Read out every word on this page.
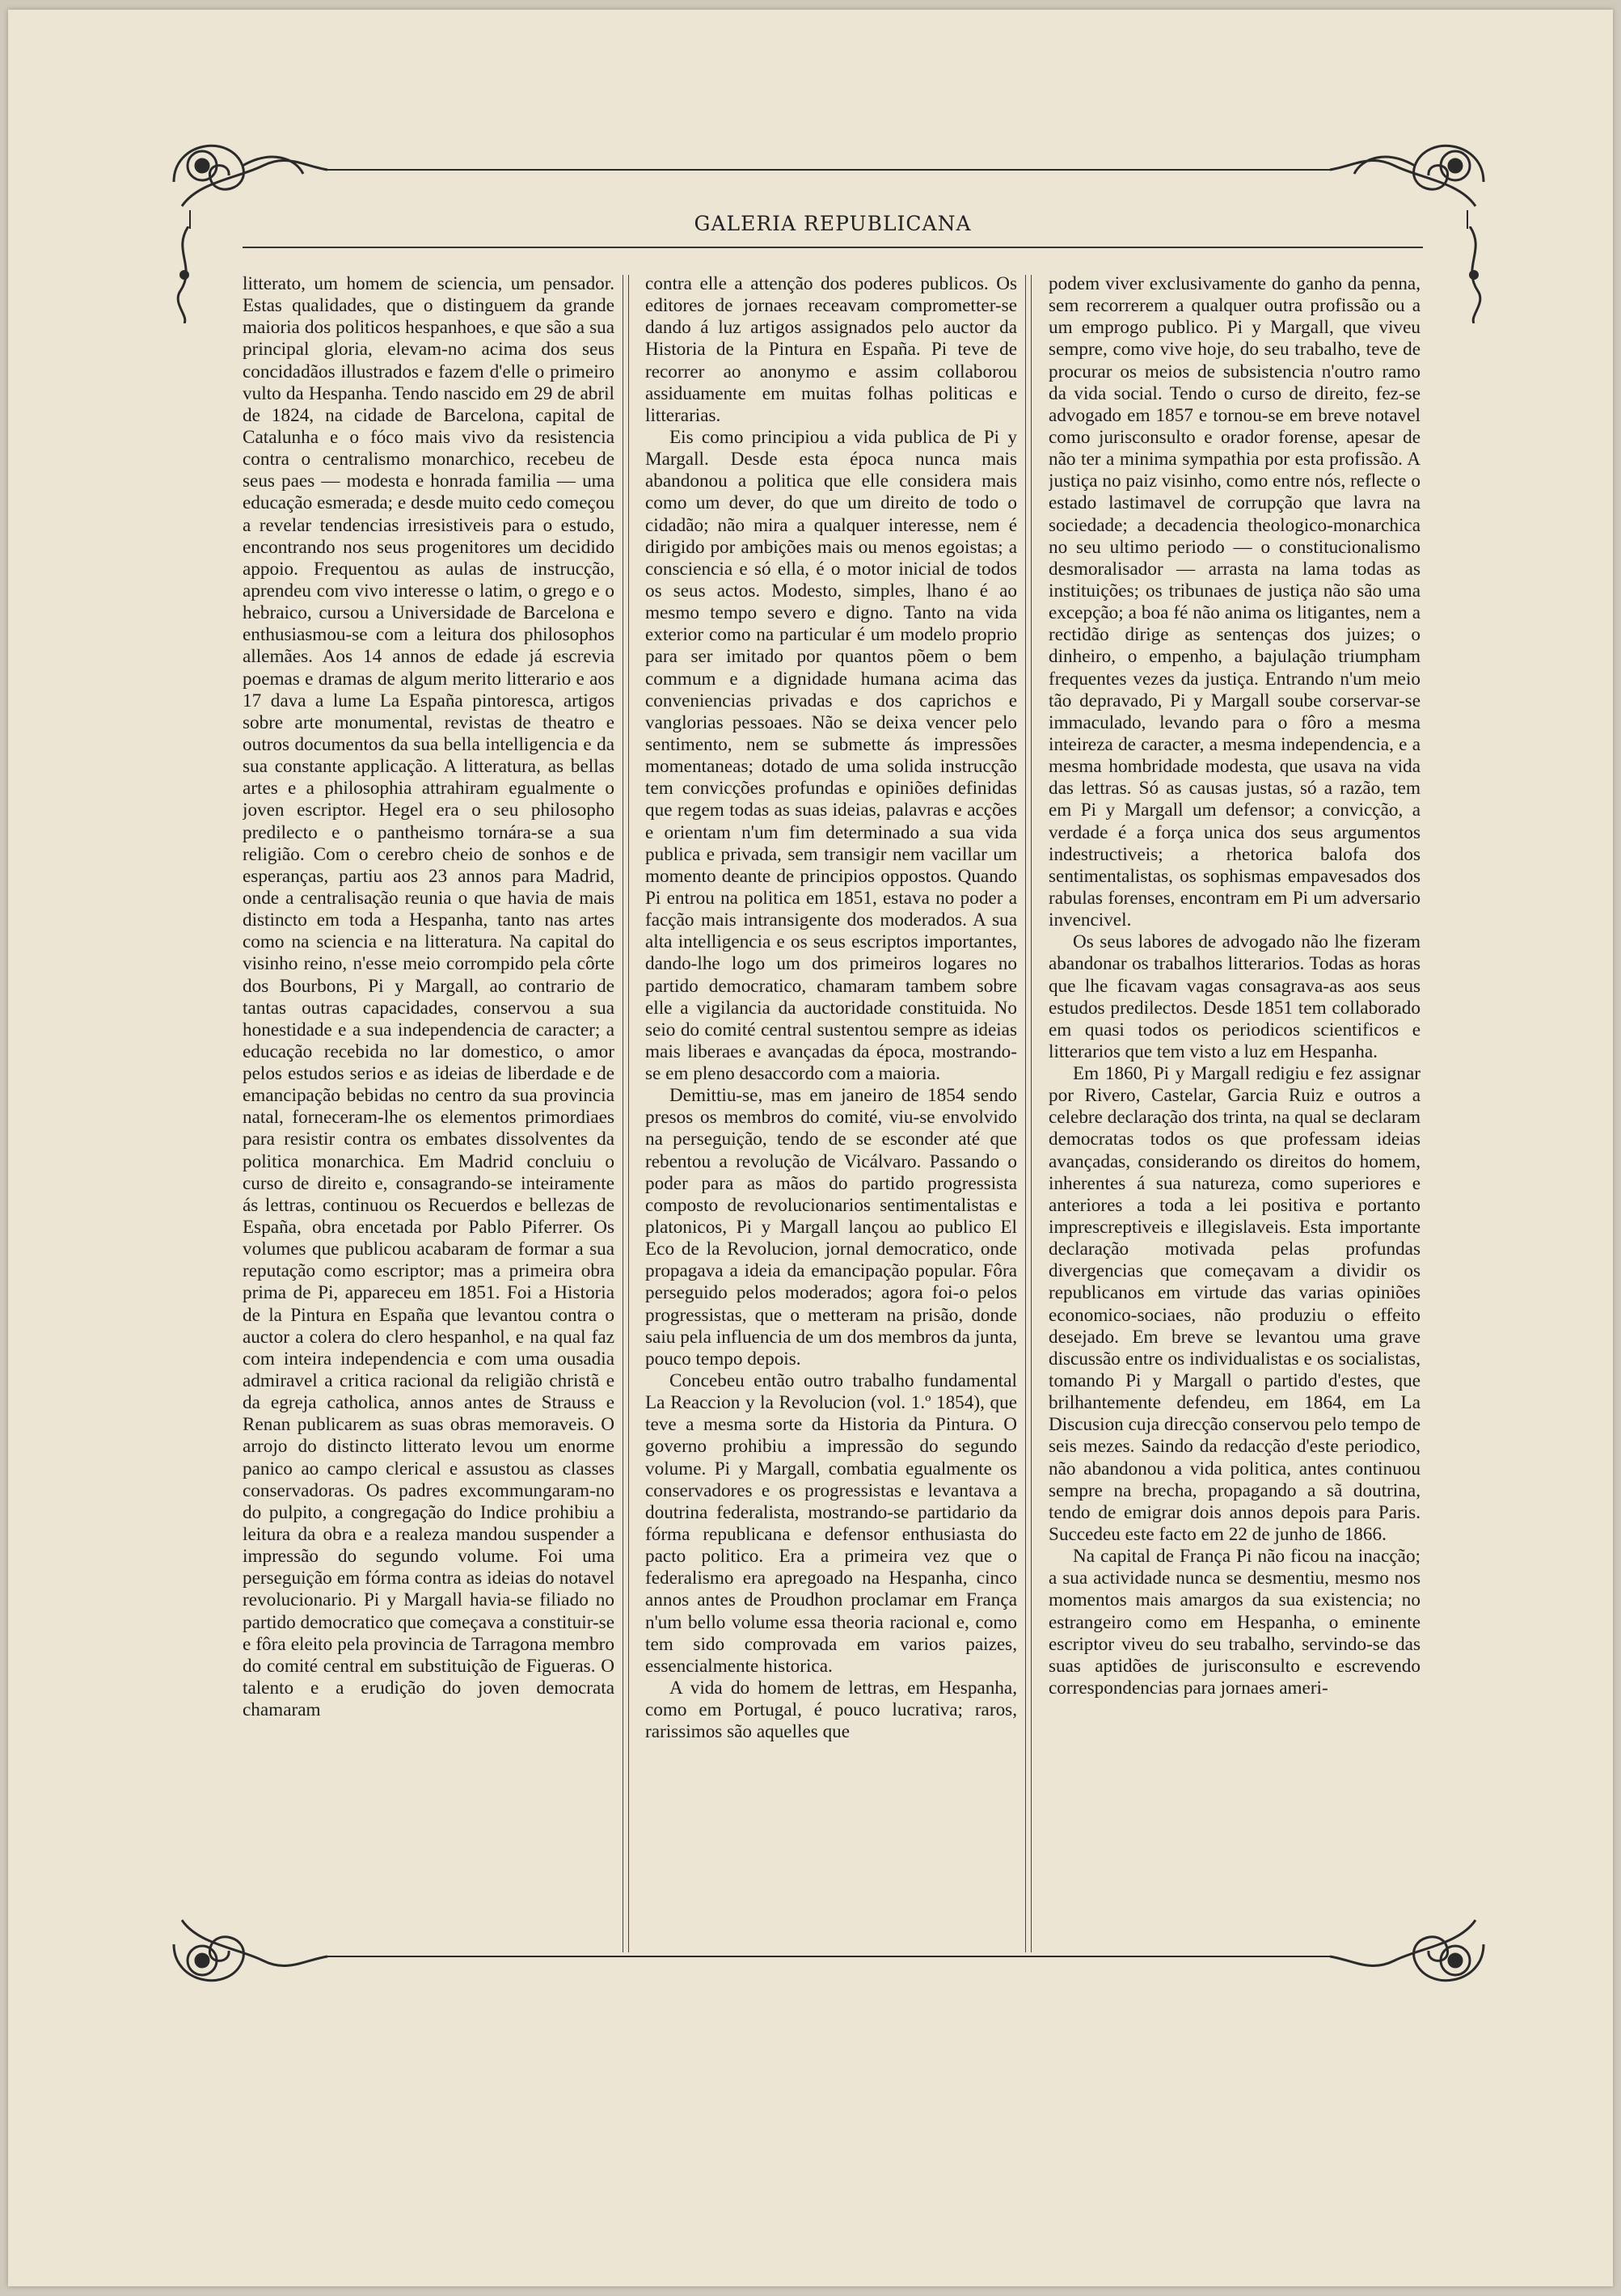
GALERIA REPUBLICANA

litterato, um homem de sciencia, um pensador. Estas qualidades, que o distinguem da grande maioria dos politicos hespanhoes, e que são a sua principal gloria, elevam-no acima dos seus concidadãos illustrados e fazem d'elle o primeiro vulto da Hespanha. Tendo nascido em 29 de abril de 1824, na cidade de Barcelona, capital de Catalunha e o fóco mais vivo da resistencia contra o centralismo monarchico, recebeu de seus paes — modesta e honrada familia — uma educação esmerada; e desde muito cedo começou a revelar tendencias irresistiveis para o estudo, encontrando nos seus progenitores um decidido appoio. Frequentou as aulas de instrucção, aprendeu com vivo interesse o latim, o grego e o hebraico, cursou a Universidade de Barcelona e enthusiasmou-se com a leitura dos philosophos allemães. Aos 14 annos de edade já escrevia poemas e dramas de algum merito litterario e aos 17 dava a lume La España pintoresca, artigos sobre arte monumental, revistas de theatro e outros documentos da sua bella intelligencia e da sua constante applicação. A litteratura, as bellas artes e a philosophia attrahiram egualmente o joven escriptor. Hegel era o seu philosopho predilecto e o pantheismo tornára-se a sua religião. Com o cerebro cheio de sonhos e de esperanças, partiu aos 23 annos para Madrid, onde a centralisação reunia o que havia de mais distincto em toda a Hespanha, tanto nas artes como na sciencia e na litteratura. Na capital do visinho reino, n'esse meio corrompido pela côrte dos Bourbons, Pi y Margall, ao contrario de tantas outras capacidades, conservou a sua honestidade e a sua independencia de caracter; a educação recebida no lar domestico, o amor pelos estudos serios e as ideias de liberdade e de emancipação bebidas no centro da sua provincia natal, forneceram-lhe os elementos primordiaes para resistir contra os embates dissolventes da politica monarchica. Em Madrid concluiu o curso de direito e, consagrando-se inteiramente ás lettras, continuou os Recuerdos e bellezas de España, obra encetada por Pablo Piferrer. Os volumes que publicou acabaram de formar a sua reputação como escriptor; mas a primeira obra prima de Pi, appareceu em 1851. Foi a Historia de la Pintura en España que levantou contra o auctor a colera do clero hespanhol, e na qual faz com inteira independencia e com uma ousadia admiravel a critica racional da religião christã e da egreja catholica, annos antes de Strauss e Renan publicarem as suas obras memoraveis. O arrojo do distincto litterato levou um enorme panico ao campo clerical e assustou as classes conservadoras. Os padres excommungaram-no do pulpito, a congregação do Indice prohibiu a leitura da obra e a realeza mandou suspender a impressão do segundo volume. Foi uma perseguição em fórma contra as ideias do notavel revolucionario. Pi y Margall havia-se filiado no partido democratico que começava a constituir-se e fôra eleito pela provincia de Tarragona membro do comité central em substituição de Figueras. O talento e a erudição do joven democrata chamaram

contra elle a attenção dos poderes publicos. Os editores de jornaes receavam comprometter-se dando á luz artigos assignados pelo auctor da Historia de la Pintura en España. Pi teve de recorrer ao anonymo e assim collaborou assiduamente em muitas folhas politicas e litterarias.

Eis como principiou a vida publica de Pi y Margall. Desde esta época nunca mais abandonou a politica que elle considera mais como um dever, do que um direito de todo o cidadão; não mira a qualquer interesse, nem é dirigido por ambições mais ou menos egoistas; a consciencia e só ella, é o motor inicial de todos os seus actos. Modesto, simples, lhano é ao mesmo tempo severo e digno. Tanto na vida exterior como na particular é um modelo proprio para ser imitado por quantos põem o bem commum e a dignidade humana acima das conveniencias privadas e dos caprichos e vanglorias pessoaes. Não se deixa vencer pelo sentimento, nem se submette ás impressões momentaneas; dotado de uma solida instrucção tem convicções profundas e opiniões definidas que regem todas as suas ideias, palavras e acções e orientam n'um fim determinado a sua vida publica e privada, sem transigir nem vacillar um momento deante de principios oppostos. Quando Pi entrou na politica em 1851, estava no poder a facção mais intransigente dos moderados. A sua alta intelligencia e os seus escriptos importantes, dando-lhe logo um dos primeiros logares no partido democratico, chamaram tambem sobre elle a vigilancia da auctoridade constituida. No seio do comité central sustentou sempre as ideias mais liberaes e avançadas da época, mostrando-se em pleno desaccordo com a maioria.

Demittiu-se, mas em janeiro de 1854 sendo presos os membros do comité, viu-se envolvido na perseguição, tendo de se esconder até que rebentou a revolução de Vicálvaro. Passando o poder para as mãos do partido progressista composto de revolucionarios sentimentalistas e platonicos, Pi y Margall lançou ao publico El Eco de la Revolucion, jornal democratico, onde propagava a ideia da emancipação popular. Fôra perseguido pelos moderados; agora foi-o pelos progressistas, que o metteram na prisão, donde saiu pela influencia de um dos membros da junta, pouco tempo depois.

Concebeu então outro trabalho fundamental La Reaccion y la Revolucion (vol. 1.º 1854), que teve a mesma sorte da Historia da Pintura. O governo prohibiu a impressão do segundo volume. Pi y Margall, combatia egualmente os conservadores e os progressistas e levantava a doutrina federalista, mostrando-se partidario da fórma republicana e defensor enthusiasta do pacto politico. Era a primeira vez que o federalismo era apregoado na Hespanha, cinco annos antes de Proudhon proclamar em França n'um bello volume essa theoria racional e, como tem sido comprovada em varios paizes, essencialmente historica.

A vida do homem de lettras, em Hespanha, como em Portugal, é pouco lucrativa; raros, rarissimos são aquelles que

podem viver exclusivamente do ganho da penna, sem recorrerem a qualquer outra profissão ou a um emprogo publico. Pi y Margall, que viveu sempre, como vive hoje, do seu trabalho, teve de procurar os meios de subsistencia n'outro ramo da vida social. Tendo o curso de direito, fez-se advogado em 1857 e tornou-se em breve notavel como jurisconsulto e orador forense, apesar de não ter a minima sympathia por esta profissão. A justiça no paiz visinho, como entre nós, reflecte o estado lastimavel de corrupção que lavra na sociedade; a decadencia theologico-monarchica no seu ultimo periodo — o constitucionalismo desmoralisador — arrasta na lama todas as instituições; os tribunaes de justiça não são uma excepção; a boa fé não anima os litigantes, nem a rectidão dirige as sentenças dos juizes; o dinheiro, o empenho, a bajulação triumpham frequentes vezes da justiça. Entrando n'um meio tão depravado, Pi y Margall soube corservar-se immaculado, levando para o fôro a mesma inteireza de caracter, a mesma independencia, e a mesma hombridade modesta, que usava na vida das lettras. Só as causas justas, só a razão, tem em Pi y Margall um defensor; a convicção, a verdade é a força unica dos seus argumentos indestructiveis; a rhetorica balofa dos sentimentalistas, os sophismas empavesados dos rabulas forenses, encontram em Pi um adversario invencivel.

Os seus labores de advogado não lhe fizeram abandonar os trabalhos litterarios. Todas as horas que lhe ficavam vagas consagrava-as aos seus estudos predilectos. Desde 1851 tem collaborado em quasi todos os periodicos scientificos e litterarios que tem visto a luz em Hespanha.

Em 1860, Pi y Margall redigiu e fez assignar por Rivero, Castelar, Garcia Ruiz e outros a celebre declaração dos trinta, na qual se declaram democratas todos os que professam ideias avançadas, considerando os direitos do homem, inherentes á sua natureza, como superiores e anteriores a toda a lei positiva e portanto imprescreptiveis e illegislaveis. Esta importante declaração motivada pelas profundas divergencias que começavam a dividir os republicanos em virtude das varias opiniões economico-sociaes, não produziu o effeito desejado. Em breve se levantou uma grave discussão entre os individualistas e os socialistas, tomando Pi y Margall o partido d'estes, que brilhantemente defendeu, em 1864, em La Discusion cuja direcção conservou pelo tempo de seis mezes. Saindo da redacção d'este periodico, não abandonou a vida politica, antes continuou sempre na brecha, propagando a sã doutrina, tendo de emigrar dois annos depois para Paris. Succedeu este facto em 22 de junho de 1866.

Na capital de França Pi não ficou na inacção; a sua actividade nunca se desmentiu, mesmo nos momentos mais amargos da sua existencia; no estrangeiro como em Hespanha, o eminente escriptor viveu do seu trabalho, servindo-se das suas aptidões de jurisconsulto e escrevendo correspondencias para jornaes ameri-
